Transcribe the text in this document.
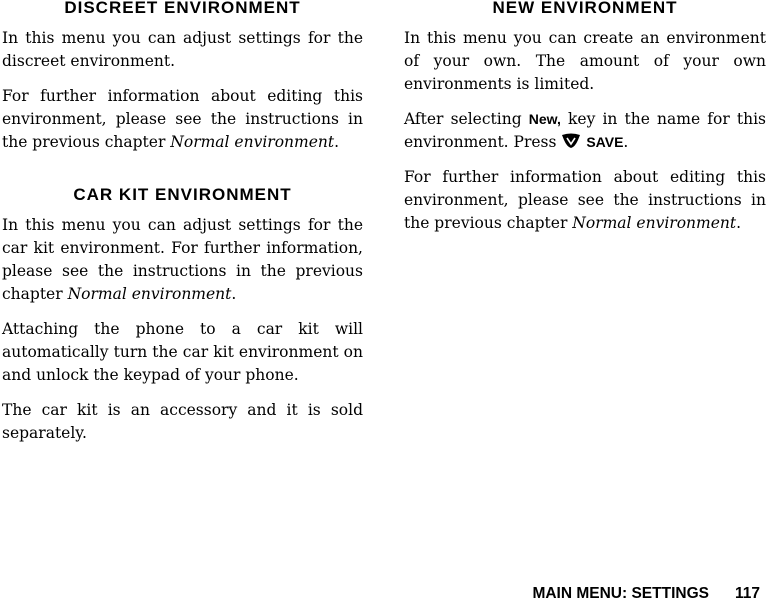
DISCREET ENVIRONMENT

In this menu you can adjust settings for the discreet environment.

For further information about editing this environment, please see the instructions in the previous chapter Normal environment.

CAR KIT ENVIRONMENT

In this menu you can adjust settings for the car kit environment. For further information, please see the instructions in the previous chapter Normal environment.

Attaching the phone to a car kit will automatically turn the car kit environment on and unlock the keypad of your phone.

The car kit is an accessory and it is sold separately.

NEW ENVIRONMENT

In this menu you can create an environment of your own. The amount of your own environments is limited.

After selecting New, key in the name for this environment. Press  SAVE.

For further information about editing this environment, please see the instructions in the previous chapter Normal environment.

MAIN MENU: SETTINGS 117
